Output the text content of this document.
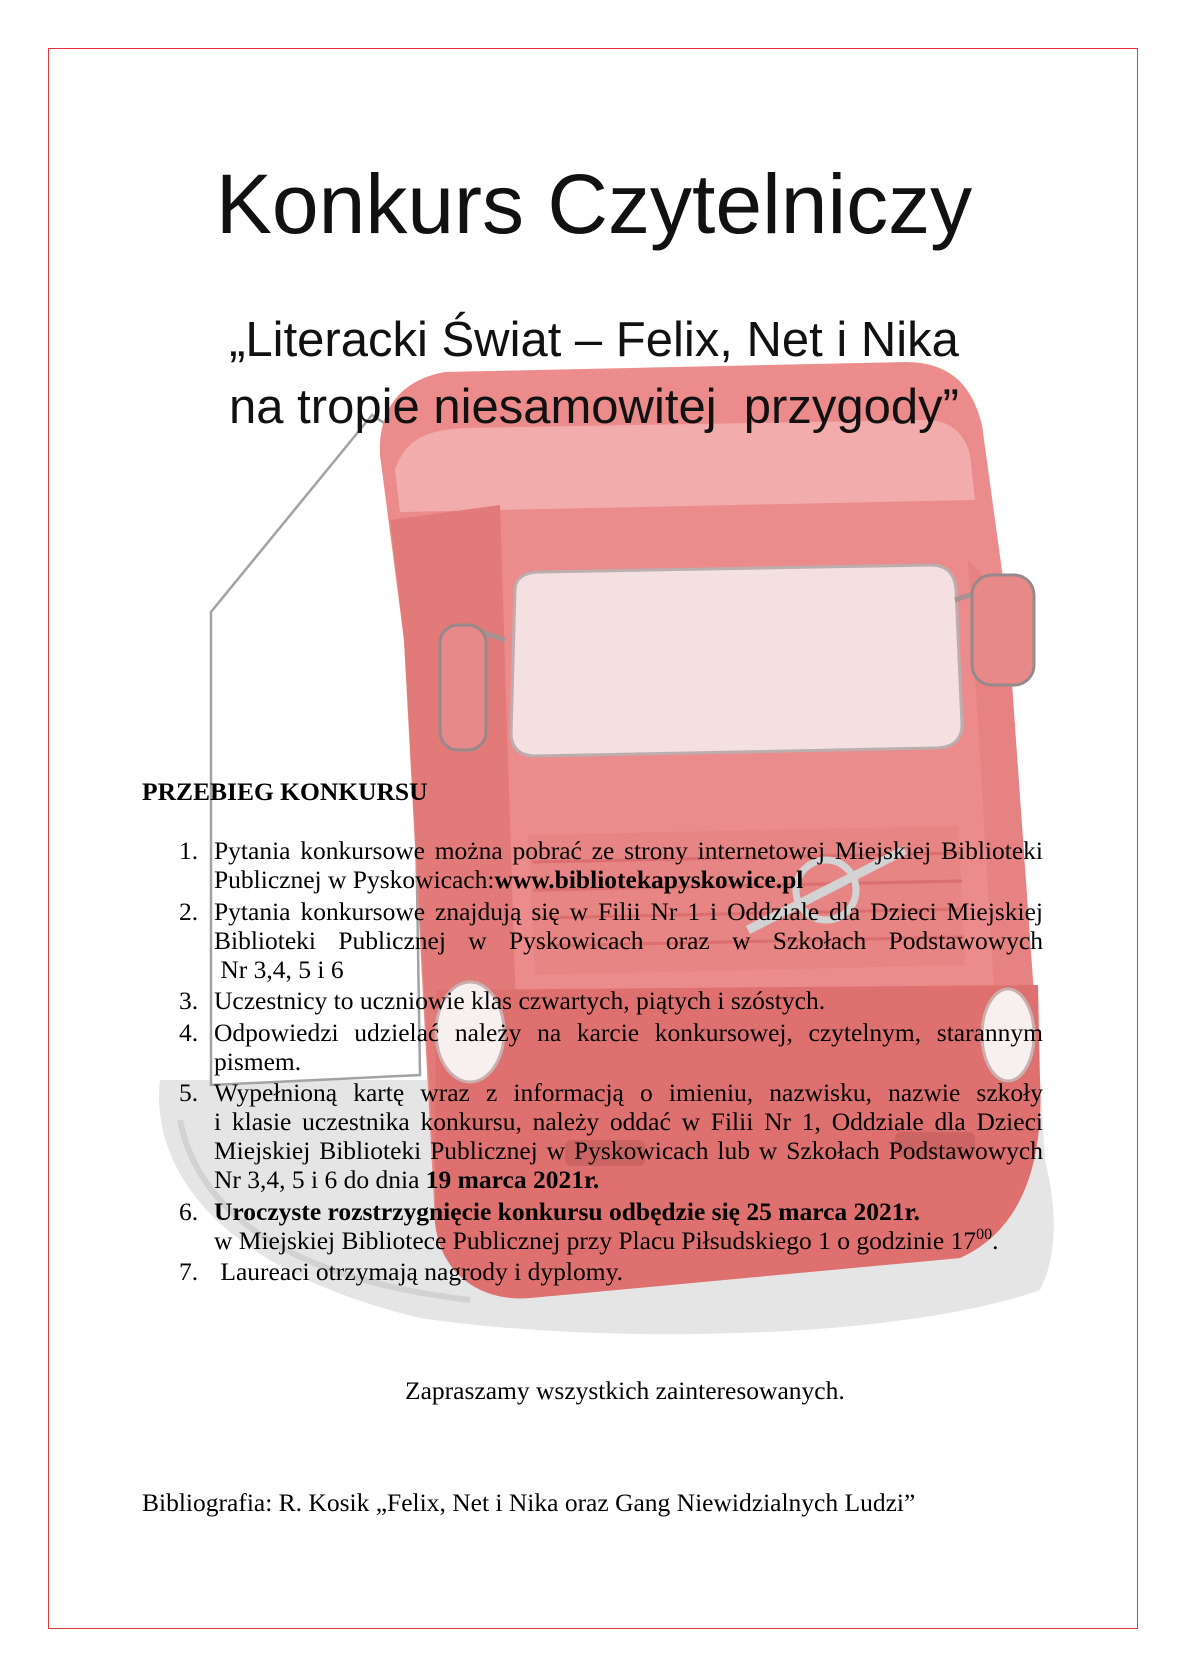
Konkurs Czytelniczy
„Literacki Świat – Felix, Net i Nika
na tropie niesamowitej  przygody”
PRZEBIEG KONKURSU
1. Pytania konkursowe można pobrać ze strony internetowej Miejskiej Biblioteki
Publicznej w Pyskowicach:www.bibliotekapyskowice.pl
2. Pytania konkursowe znajdują się w Filii Nr 1 i Oddziale dla Dzieci Miejskiej
Biblioteki Publicznej w Pyskowicach oraz w Szkołach Podstawowych
Nr 3,4, 5 i 6
3. Uczestnicy to uczniowie klas czwartych, piątych i szóstych.
4. Odpowiedzi udzielać należy na karcie konkursowej, czytelnym, starannym
pismem.
5. Wypełnioną kartę wraz z informacją o imieniu, nazwisku, nazwie szkoły
i klasie uczestnika konkursu, należy oddać w Filii Nr 1, Oddziale dla Dzieci
Miejskiej Biblioteki Publicznej w Pyskowicach lub w Szkołach Podstawowych
Nr 3,4, 5 i 6 do dnia 19 marca 2021r.
6. Uroczyste rozstrzygnięcie konkursu odbędzie się 25 marca 2021r.
w Miejskiej Bibliotece Publicznej przy Placu Piłsudskiego 1 o godzinie $17^{00}$.
7. Laureaci otrzymają nagrody i dyplomy.
Zapraszamy wszystkich zainteresowanych.
Bibliografia: R. Kosik „Felix, Net i Nika oraz Gang Niewidzialnych Ludzi”
